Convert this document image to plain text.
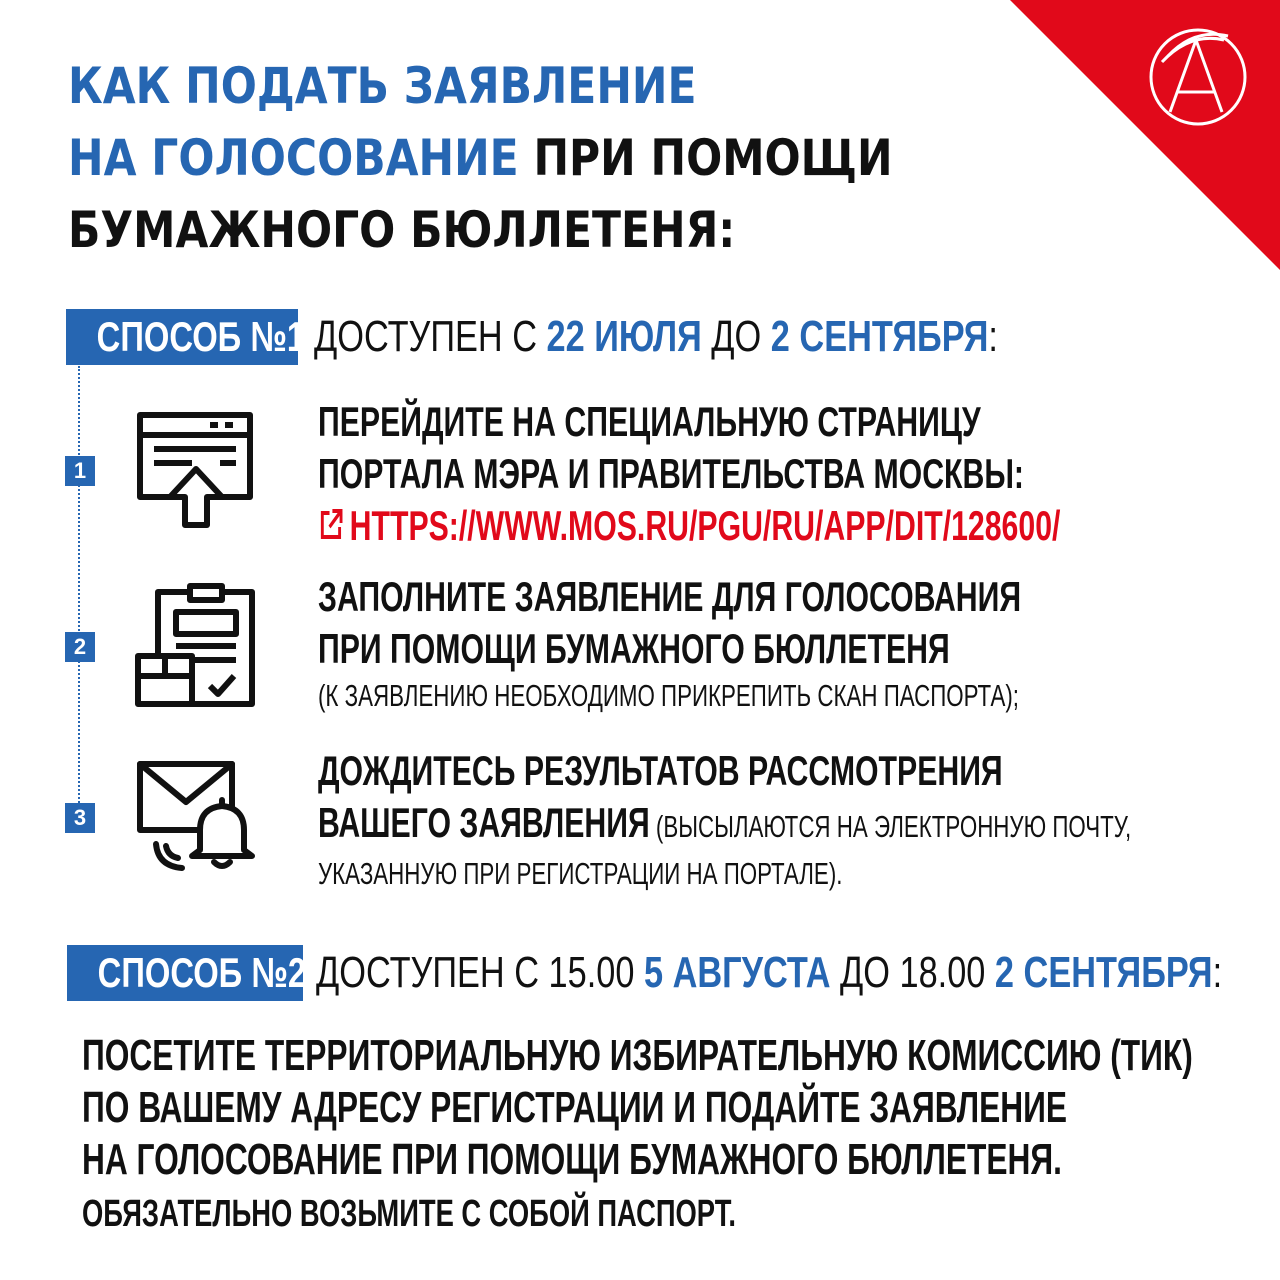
КАК ПОДАТЬ ЗАЯВЛЕНИЕ
НА ГОЛОСОВАНИЕ ПРИ ПОМОЩИ
БУМАЖНОГО БЮЛЛЕТЕНЯ:
СПОСОБ №1. ДОСТУПЕН С 22 ИЮЛЯ ДО 2 СЕНТЯБРЯ:
1
ПЕРЕЙДИТЕ НА СПЕЦИАЛЬНУЮ СТРАНИЦУ
ПОРТАЛА МЭРА И ПРАВИТЕЛЬСТВА МОСКВЫ:
HTTPS://WWW.MOS.RU/PGU/RU/APP/DIT/128600/
2
ЗАПОЛНИТЕ ЗАЯВЛЕНИЕ ДЛЯ ГОЛОСОВАНИЯ
ПРИ ПОМОЩИ БУМАЖНОГО БЮЛЛЕТЕНЯ
(К ЗАЯВЛЕНИЮ НЕОБХОДИМО ПРИКРЕПИТЬ СКАН ПАСПОРТА);
3
ДОЖДИТЕСЬ РЕЗУЛЬТАТОВ РАССМОТРЕНИЯ
ВАШЕГО ЗАЯВЛЕНИЯ (ВЫСЫЛАЮТСЯ НА ЭЛЕКТРОННУЮ ПОЧТУ,
УКАЗАННУЮ ПРИ РЕГИСТРАЦИИ НА ПОРТАЛЕ).
СПОСОБ №2. ДОСТУПЕН С 15.00 5 АВГУСТА ДО 18.00 2 СЕНТЯБРЯ:
ПОСЕТИТЕ ТЕРРИТОРИАЛЬНУЮ ИЗБИРАТЕЛЬНУЮ КОМИССИЮ (ТИК)
ПО ВАШЕМУ АДРЕСУ РЕГИСТРАЦИИ И ПОДАЙТЕ ЗАЯВЛЕНИЕ
НА ГОЛОСОВАНИЕ ПРИ ПОМОЩИ БУМАЖНОГО БЮЛЛЕТЕНЯ.
ОБЯЗАТЕЛЬНО ВОЗЬМИТЕ С СОБОЙ ПАСПОРТ.
